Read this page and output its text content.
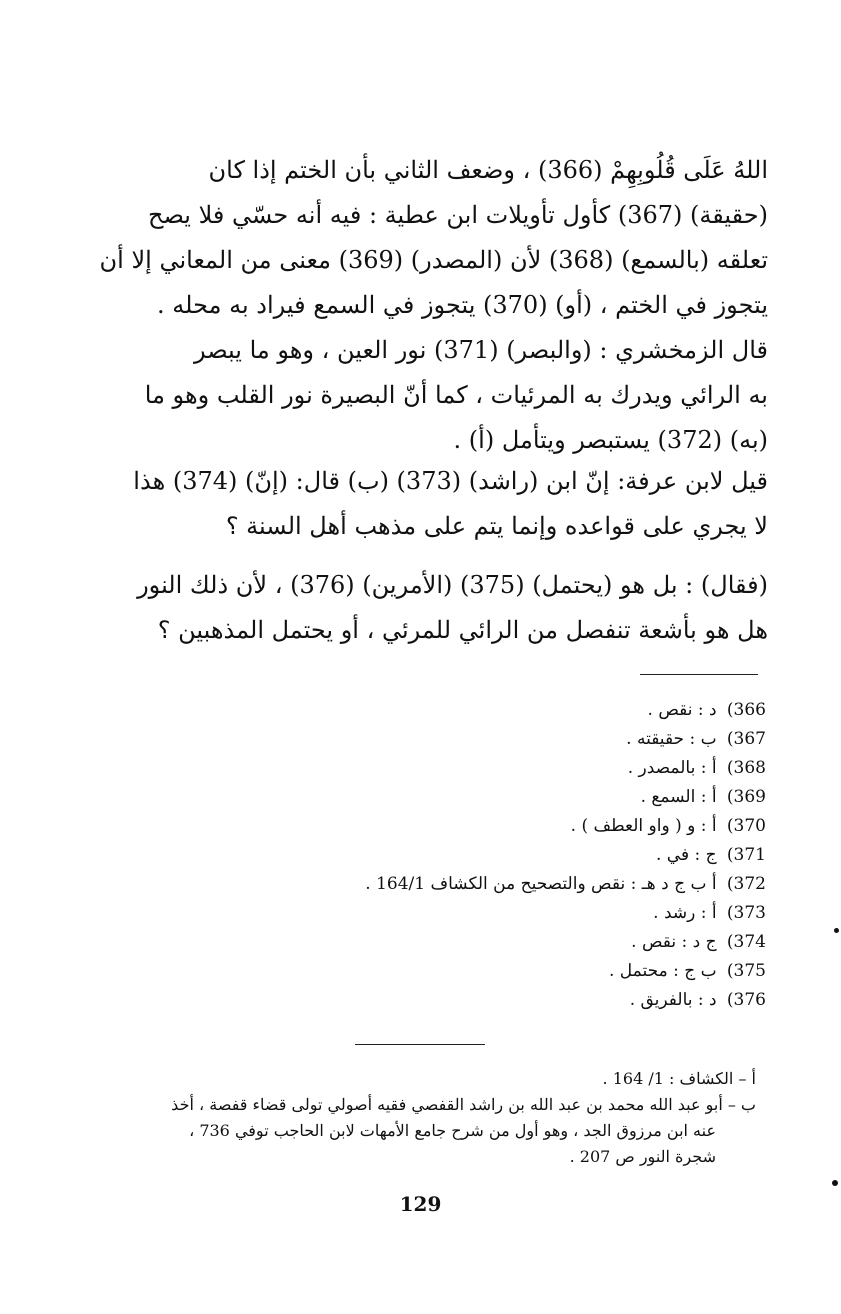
اللهُ عَلَى قُلُوبِهِمْ (366) ، وضعف الثاني بأن الختم إذا كان
(حقيقة) (367) كأول تأويلات ابن عطية : فيه أنه حسّي فلا يصح
تعلقه (بالسمع) (368) لأن (المصدر) (369) معنى من المعاني إلا أن
يتجوز في الختم ، (أو) (370) يتجوز في السمع فيراد به محله .
قال الزمخشري : (والبصر) (371) نور العين ، وهو ما يبصر
به الرائي ويدرك به المرئيات ، كما أنّ البصيرة نور القلب وهو ما
(به) (372) يستبصر ويتأمل (أ) .
قيل لابن عرفة: إنّ ابن (راشد) (373) (ب) قال: (إنّ) (374) هذا
لا يجري على قواعده وإنما يتم على مذهب أهل السنة ؟
(فقال) : بل هو (يحتمل) (375) (الأمرين) (376) ، لأن ذلك النور
هل هو بأشعة تنفصل من الرائي للمرئي ، أو يحتمل المذهبين ؟
366) د : نقص .
367) ب : حقيقته .
368) أ : بالمصدر .
369) أ : السمع .
370) أ : و ( واو العطف ) .
371) ج : في .
372) أ ب ج د هـ : نقص والتصحيح من الكشاف 164/1 .
373) أ : رشد .
374) ج د : نقص .
375) ب ج : محتمل .
376) د : بالفريق .
أ – الكشاف : 1/ 164 .
ب – أبو عبد الله محمد بن عبد الله بن راشد القفصي فقيه أصولي تولى قضاء قفصة ، أخذ
عنه ابن مرزوق الجد ، وهو أول من شرح جامع الأمهات لابن الحاجب توفي 736 ،
شجرة النور ص 207 .
129
